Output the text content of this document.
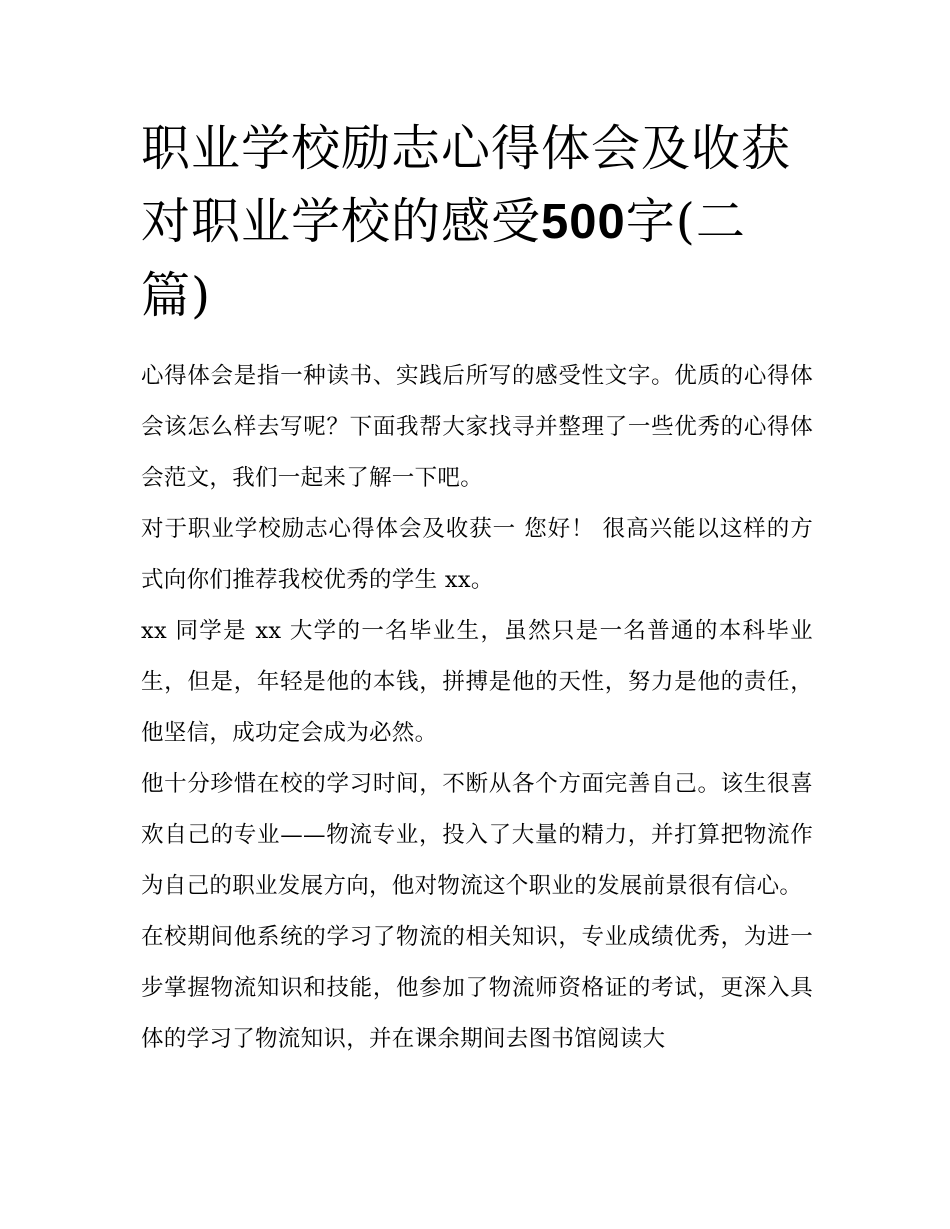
职业学校励志心得体会及收获对职业学校的感受500字(二篇)

心得体会是指一种读书、实践后所写的感受性文字。优质的心得体会该怎么样去写呢？下面我帮大家找寻并整理了一些优秀的心得体会范文，我们一起来了解一下吧。

对于职业学校励志心得体会及收获一 您好！ 很高兴能以这样的方式向你们推荐我校优秀的学生 xx。

xx 同学是 xx 大学的一名毕业生，虽然只是一名普通的本科毕业生，但是，年轻是他的本钱，拼搏是他的天性，努力是他的责任，他坚信，成功定会成为必然。

他十分珍惜在校的学习时间，不断从各个方面完善自己。该生很喜欢自己的专业——物流专业，投入了大量的精力，并打算把物流作为自己的职业发展方向，他对物流这个职业的发展前景很有信心。

在校期间他系统的学习了物流的相关知识，专业成绩优秀，为进一步掌握物流知识和技能，他参加了物流师资格证的考试，更深入具体的学习了物流知识，并在课余期间去图书馆阅读大
